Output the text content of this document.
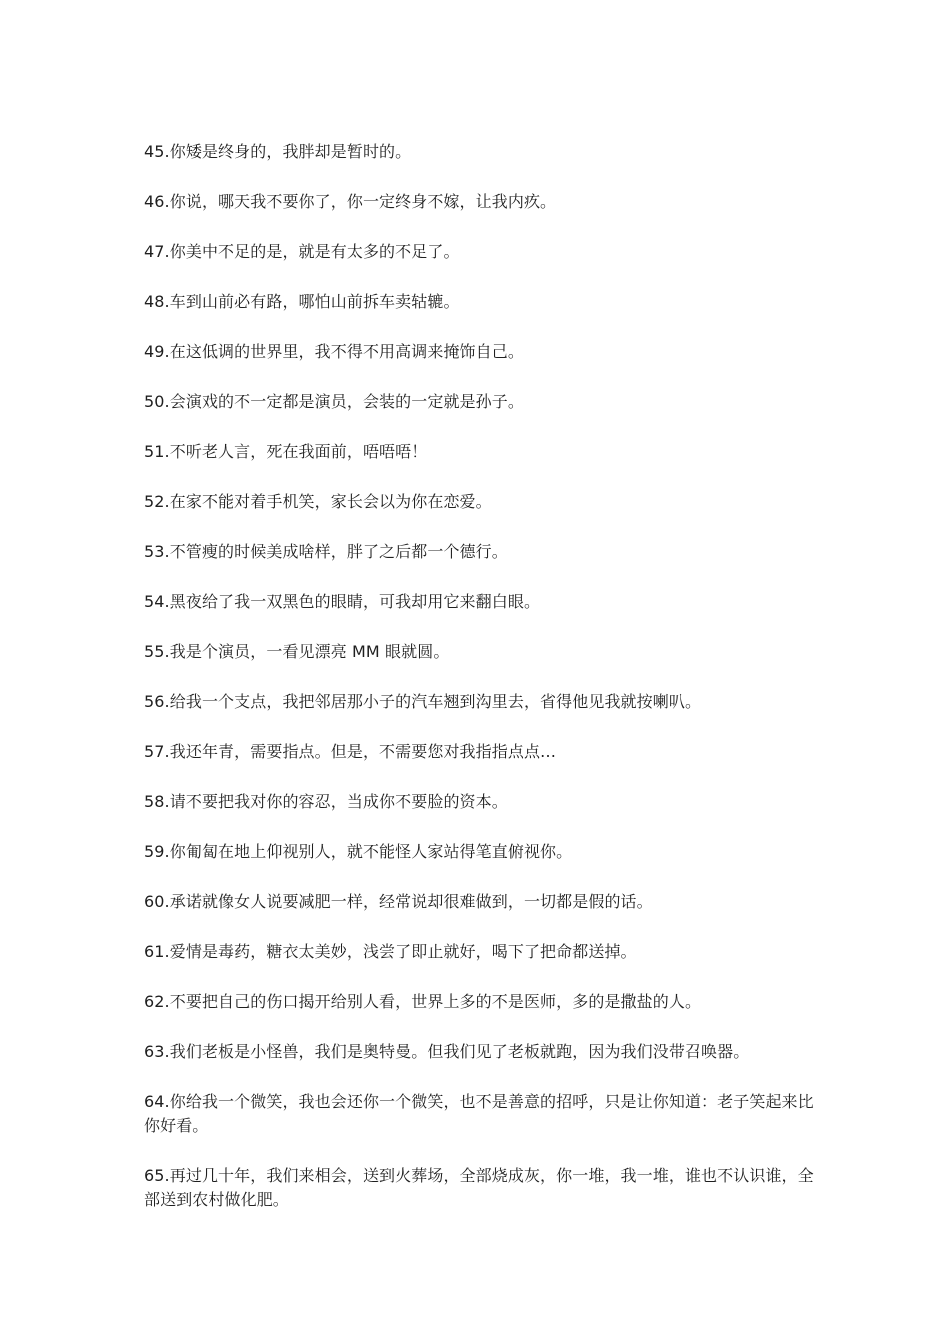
45.你矮是终身的，我胖却是暂时的。

46.你说，哪天我不要你了，你一定终身不嫁，让我内疚。

47.你美中不足的是，就是有太多的不足了。

48.车到山前必有路，哪怕山前拆车卖轱辘。

49.在这低调的世界里，我不得不用高调来掩饰自己。

50.会演戏的不一定都是演员，会装的一定就是孙子。

51.不听老人言，死在我面前，唔唔唔！

52.在家不能对着手机笑，家长会以为你在恋爱。

53.不管瘦的时候美成啥样，胖了之后都一个德行。

54.黑夜给了我一双黑色的眼睛，可我却用它来翻白眼。

55.我是个演员，一看见漂亮 MM 眼就圆。

56.给我一个支点，我把邻居那小子的汽车翘到沟里去，省得他见我就按喇叭。

57.我还年青，需要指点。但是，不需要您对我指指点点…

58.请不要把我对你的容忍，当成你不要脸的资本。

59.你匍匐在地上仰视别人，就不能怪人家站得笔直俯视你。

60.承诺就像女人说要减肥一样，经常说却很难做到，一切都是假的话。

61.爱情是毒药，糖衣太美妙，浅尝了即止就好，喝下了把命都送掉。

62.不要把自己的伤口揭开给别人看，世界上多的不是医师，多的是撒盐的人。

63.我们老板是小怪兽，我们是奥特曼。但我们见了老板就跑，因为我们没带召唤器。

64.你给我一个微笑，我也会还你一个微笑，也不是善意的招呼，只是让你知道：老子笑起来比你好看。

65.再过几十年，我们来相会，送到火葬场，全部烧成灰，你一堆，我一堆，谁也不认识谁，全部送到农村做化肥。
